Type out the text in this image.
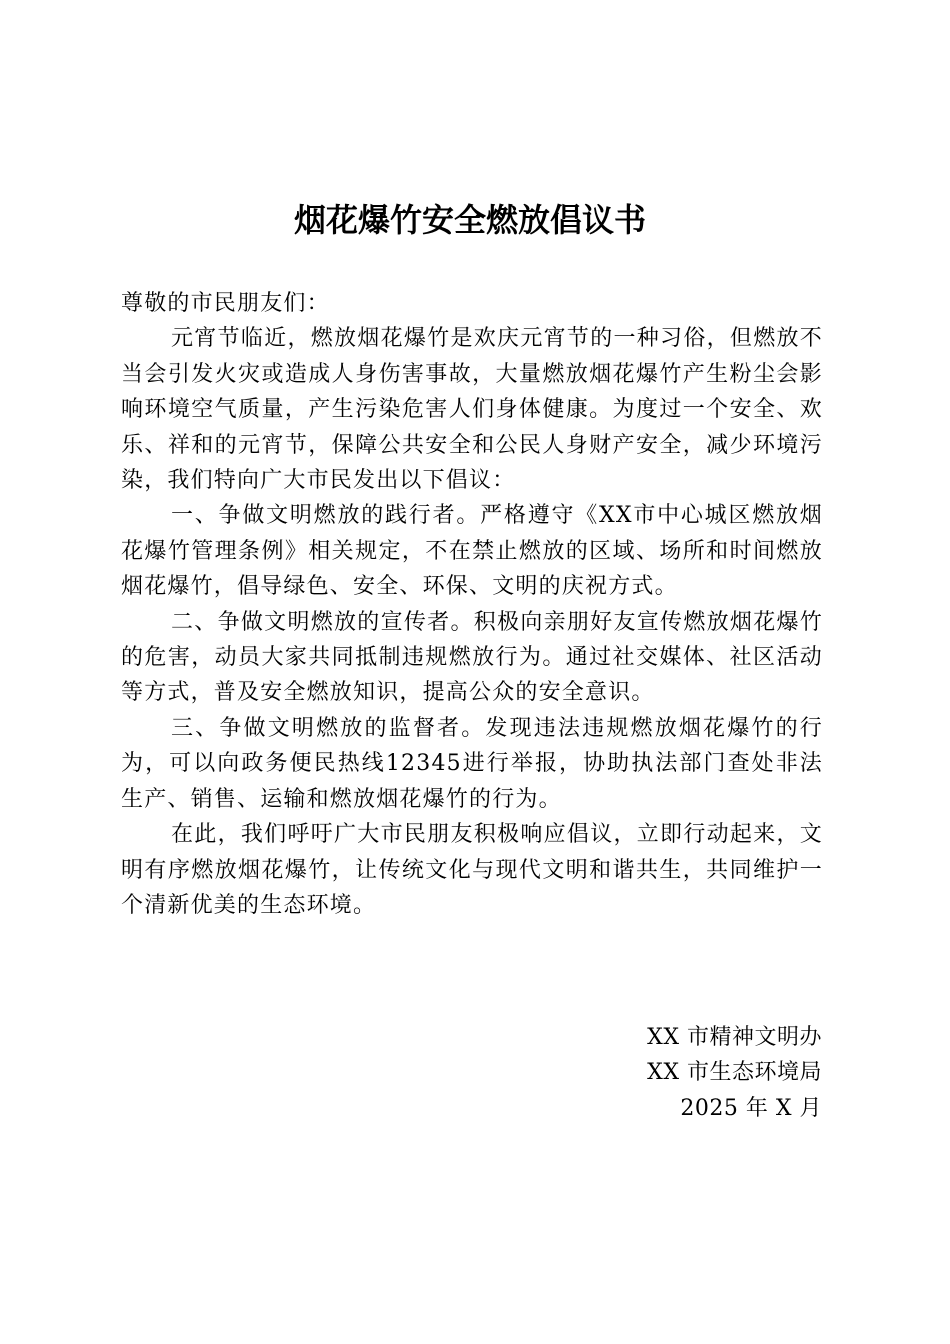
烟花爆竹安全燃放倡议书

尊敬的市民朋友们：

元宵节临近，燃放烟花爆竹是欢庆元宵节的一种习俗，但燃放不当会引发火灾或造成人身伤害事故，大量燃放烟花爆竹产生粉尘会影响环境空气质量，产生污染危害人们身体健康。为度过一个安全、欢乐、祥和的元宵节，保障公共安全和公民人身财产安全，减少环境污染，我们特向广大市民发出以下倡议：

一、争做文明燃放的践行者。严格遵守《XX市中心城区燃放烟花爆竹管理条例》相关规定，不在禁止燃放的区域、场所和时间燃放烟花爆竹，倡导绿色、安全、环保、文明的庆祝方式。

二、争做文明燃放的宣传者。积极向亲朋好友宣传燃放烟花爆竹的危害，动员大家共同抵制违规燃放行为。通过社交媒体、社区活动等方式，普及安全燃放知识，提高公众的安全意识。

三、争做文明燃放的监督者。发现违法违规燃放烟花爆竹的行为，可以向政务便民热线12345进行举报，协助执法部门查处非法生产、销售、运输和燃放烟花爆竹的行为。

在此，我们呼吁广大市民朋友积极响应倡议，立即行动起来，文明有序燃放烟花爆竹，让传统文化与现代文明和谐共生，共同维护一个清新优美的生态环境。

XX 市精神文明办
XX 市生态环境局
2025 年 X 月
